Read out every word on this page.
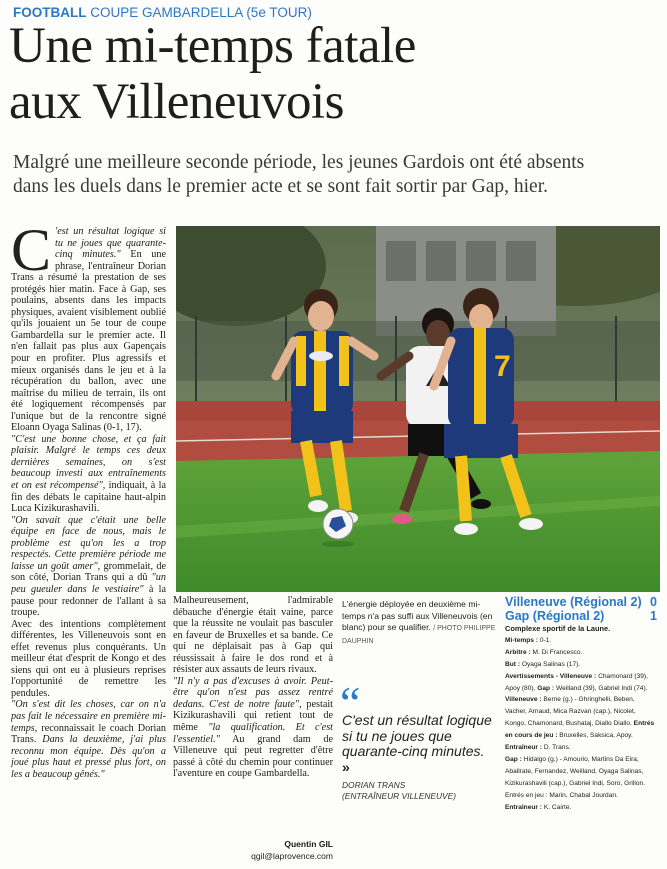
FOOTBALL COUPE GAMBARDELLA (5e TOUR)
Une mi-temps fatale
aux Villeneuvois
Malgré une meilleure seconde période, les jeunes Gardois ont été absents
dans les duels dans le premier acte et se sont fait sortir par Gap, hier.

C 'est un résultat logique si tu ne joues que quarante-cinq minutes." En une phrase, l'entraîneur Dorian Trans a résumé la prestation de ses protégés hier matin. Face à Gap, ses poulains, absents dans les impacts physiques, avaient visiblement oublié qu'ils jouaient un 5e tour de coupe Gambardella sur le premier acte. Il n'en fallait pas plus aux Gapençais pour en profiter. Plus agressifs et mieux organisés dans le jeu et à la récupération du ballon, avec une maîtrise du milieu de terrain, ils ont été logiquement récompensés par l'unique but de la rencontre signé Eloann Oyaga Salinas (0-1, 17).

"C'est une bonne chose, et ça fait plaisir. Malgré le temps ces deux dernières semaines, on s'est beaucoup investi aux entraînements et on est récompensé", indiquait, à la fin des débats le capitaine haut-alpin Luca Kizikurashavili.

"On savait que c'était une belle équipe en face de nous, mais le problème est qu'on les a trop respectés. Cette première période me laisse un goût amer", grommelait, de son côté, Dorian Trans qui a dû "un peu gueuler dans le vestiaire" à la pause pour redonner de l'allant à sa troupe.

Avec des intentions complètement différentes, les Villeneuvois sont en effet revenus plus conquérants. Un meilleur état d'esprit de Kongo et des siens qui ont eu à plusieurs reprises l'opportunité de remettre les pendules.

"On s'est dit les choses, car on n'a pas fait le nécessaire en première mi-temps, reconnaissait le coach Dorian Trans. Dans la deuxième, j'ai plus reconnu mon équipe. Dès qu'on a joué plus haut et pressé plus fort, on les a beaucoup gênés."

Malheureusement, l'admirable débauche d'énergie était vaine, parce que la réussite ne voulait pas basculer en faveur de Bruxelles et sa bande. Ce qui ne déplaisait pas à Gap qui réussissait à faire le dos rond et à résister aux assauts de leurs rivaux.

"Il n'y a pas d'excuses à avoir. Peut-être qu'on n'est pas assez rentré dedans. C'est de notre faute", pestait Kizikurashavili qui retient tout de même "la qualification. Et c'est l'essentiel." Au grand dam de Villeneuve qui peut regretter d'être passé à côté du chemin pour continuer l'aventure en coupe Gambardella.

Quentin GIL
qgil@laprovence.com
7
L'énergie déployée en deuxième mi-temps n'a pas suffi aux Villeneuvois (en blanc) pour se qualifier. / PHOTO PHILIPPE DAUPHIN
“
C'est un résultat logique si tu ne joues que quarante-cinq minutes. »
DORIAN TRANS
(ENTRAÎNEUR VILLENEUVE)
Villeneuve (Régional 2) 0
Gap (Régional 2)	1
Complexe sportif de la Laune.
Mi-temps : 0-1.
Arbitre : M. Di Francesco.
But : Oyaga Salinas (17).
Avertissements - Villeneuve : Chamonard (39), Apoy (80). Gap : Weilland (39), Gabriel Indi (74).
Villeneuve : Berne (g.) - Ghringhelli, Beben, Vacher, Arnaud, Mica Razvan (cap.), Nicolet, Kongo, Chamonard, Bushataj, Diallo Diallo. Entrés en cours de jeu : Bruxelles, Saksica, Apoy.
Entraîneur : D. Trans.
Gap : Hidalgo (g.) - Amourio, Martins Da Eira, Aballrate, Fernandez, Weilland, Oyaga Salinas, Kizikurashavili (cap.), Gabriel Indi, Soro, Grillon. Entrés en jeu : Marin, Chabal Jourdan.
Entraîneur : K. Cairte.
